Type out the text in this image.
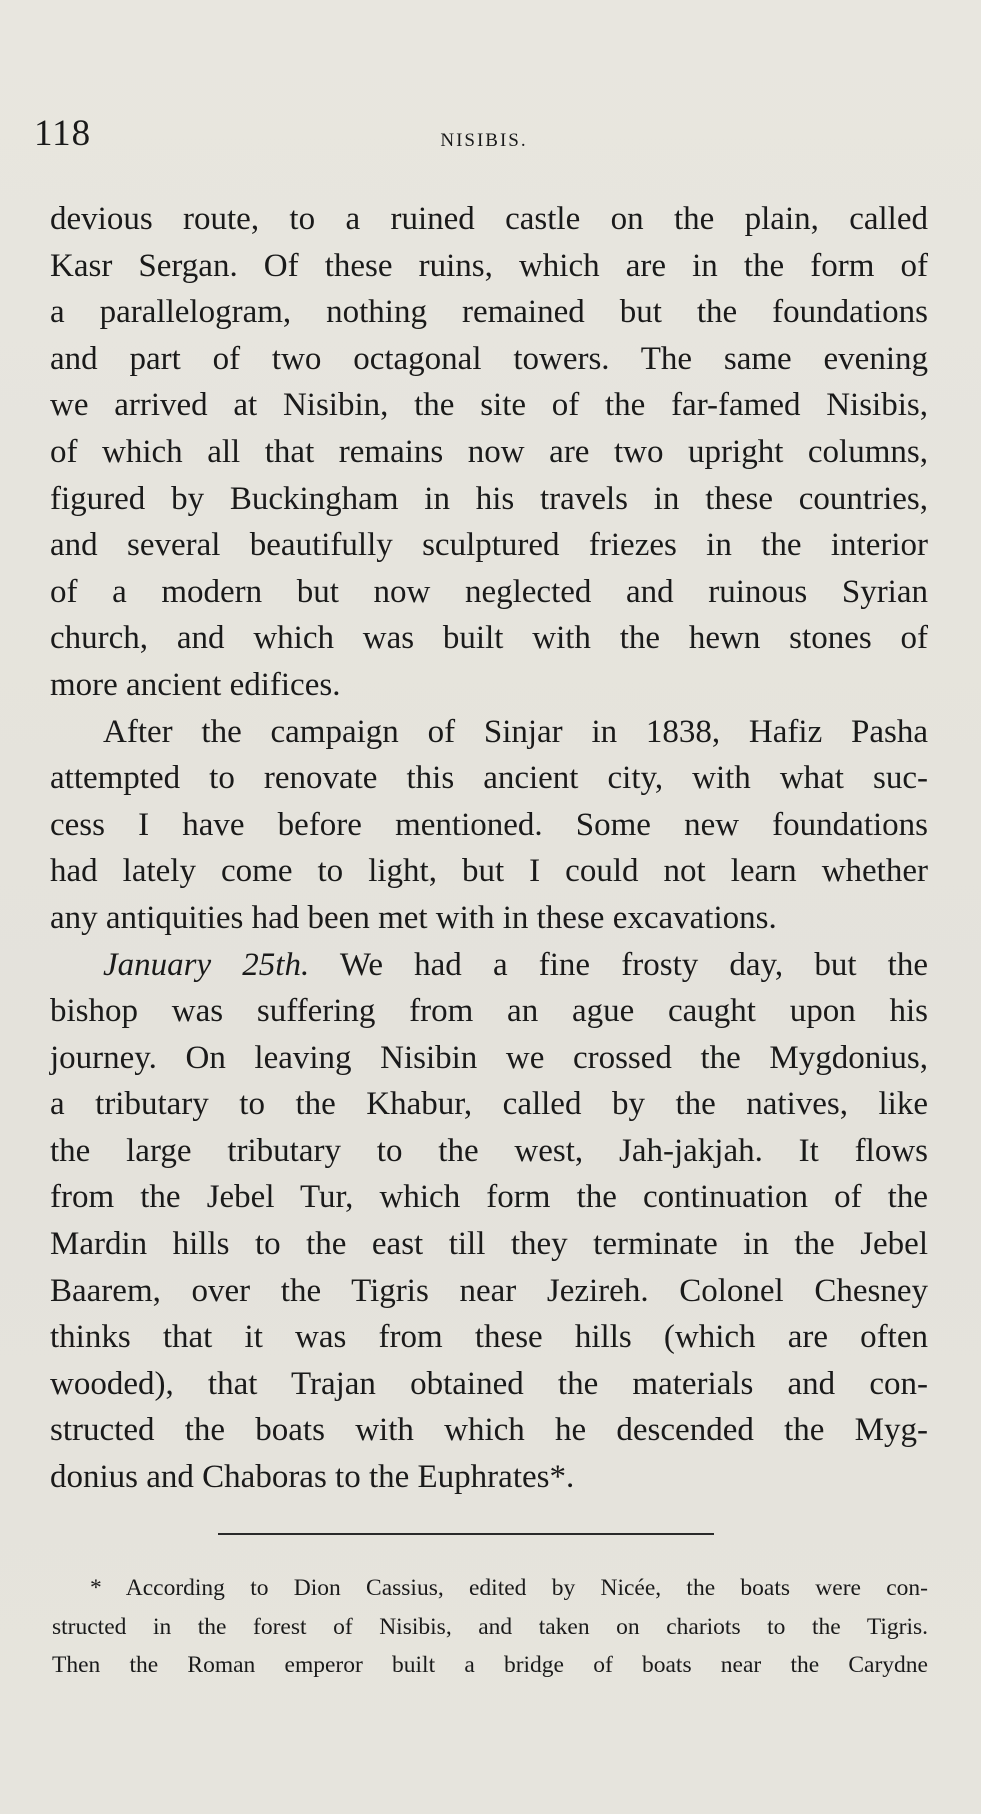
118	NISIBIS.
devious route, to a ruined castle on the plain, called
Kasr Sergan. Of these ruins, which are in the form of
a parallelogram, nothing remained but the foundations
and part of two octagonal towers. The same evening
we arrived at Nisibin, the site of the far-famed Nisibis,
of which all that remains now are two upright columns,
figured by Buckingham in his travels in these countries,
and several beautifully sculptured friezes in the interior
of a modern but now neglected and ruinous Syrian
church, and which was built with the hewn stones of
more ancient edifices.
After the campaign of Sinjar in 1838, Hafiz Pasha
attempted to renovate this ancient city, with what suc-
cess I have before mentioned. Some new foundations
had lately come to light, but I could not learn whether
any antiquities had been met with in these excavations.
January 25th. We had a fine frosty day, but the
bishop was suffering from an ague caught upon his
journey. On leaving Nisibin we crossed the Mygdonius,
a tributary to the Khabur, called by the natives, like
the large tributary to the west, Jah-jakjah. It flows
from the Jebel Tur, which form the continuation of the
Mardin hills to the east till they terminate in the Jebel
Baarem, over the Tigris near Jezireh. Colonel Chesney
thinks that it was from these hills (which are often
wooded), that Trajan obtained the materials and con-
structed the boats with which he descended the Myg-
donius and Chaboras to the Euphrates*.
* According to Dion Cassius, edited by Nicée, the boats were con-
structed in the forest of Nisibis, and taken on chariots to the Tigris.
Then the Roman emperor built a bridge of boats near the Carydne
